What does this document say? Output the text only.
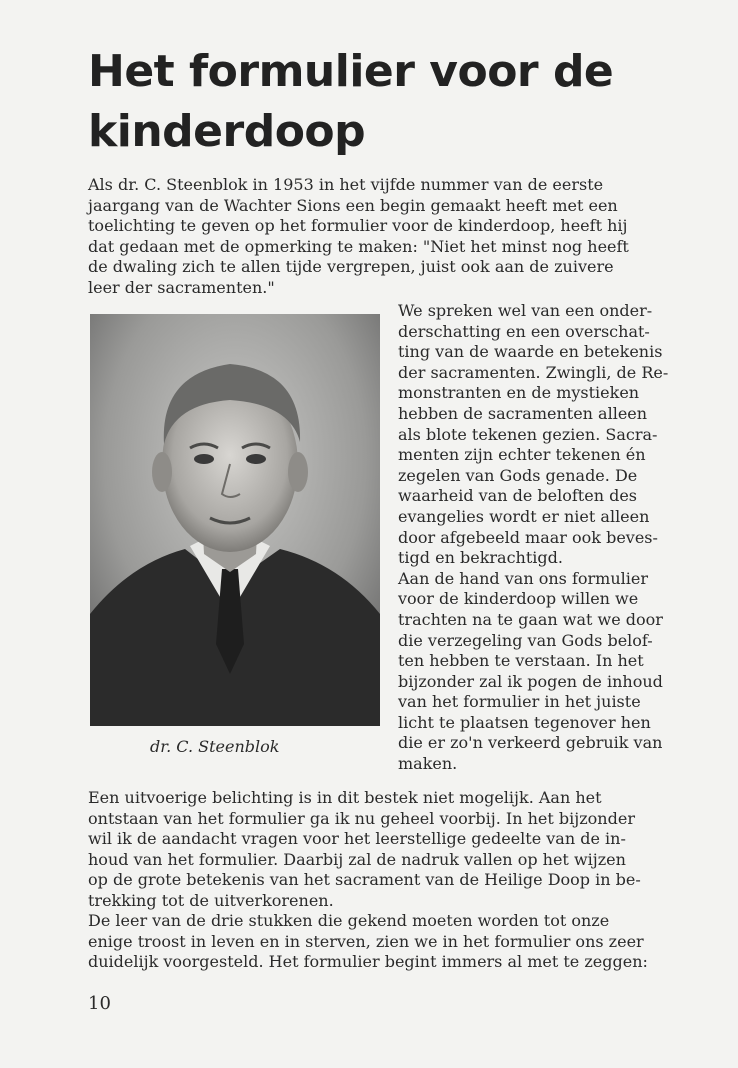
Het formulier voor de
kinderdoop

Als dr. C. Steenblok in 1953 in het vijfde nummer van de eerste
jaargang van de Wachter Sions een begin gemaakt heeft met een
toelichting te geven op het formulier voor de kinderdoop, heeft hij
dat gedaan met de opmerking te maken: "Niet het minst nog heeft
de dwaling zich te allen tijde vergrepen, juist ook aan de zuivere
leer der sacramenten."

dr. C. Steenblok

We spreken wel van een onder-
derschatting en een overschat-
ting van de waarde en betekenis
der sacramenten. Zwingli, de Re-
monstranten en de mystieken
hebben de sacramenten alleen
als blote tekenen gezien. Sacra-
menten zijn echter tekenen én
zegelen van Gods genade. De
waarheid van de beloften des
evangelies wordt er niet alleen
door afgebeeld maar ook beves-
tigd en bekrachtigd.
Aan de hand van ons formulier
voor de kinderdoop willen we
trachten na te gaan wat we door
die verzegeling van Gods belof-
ten hebben te verstaan. In het
bijzonder zal ik pogen de inhoud
van het formulier in het juiste
licht te plaatsen tegenover hen
die er zo'n verkeerd gebruik van
maken.

Een uitvoerige belichting is in dit bestek niet mogelijk. Aan het
ontstaan van het formulier ga ik nu geheel voorbij. In het bijzonder
wil ik de aandacht vragen voor het leerstellige gedeelte van de in-
houd van het formulier. Daarbij zal de nadruk vallen op het wijzen
op de grote betekenis van het sacrament van de Heilige Doop in be-
trekking tot de uitverkorenen.
De leer van de drie stukken die gekend moeten worden tot onze
enige troost in leven en in sterven, zien we in het formulier ons zeer
duidelijk voorgesteld. Het formulier begint immers al met te zeggen:

10
